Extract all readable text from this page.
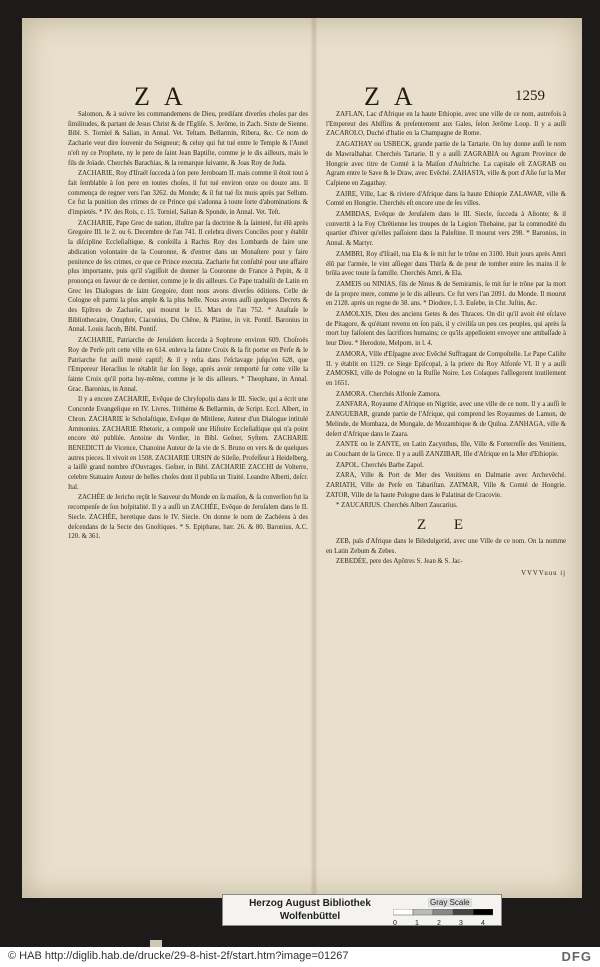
ZA	ZA	1259

Salomon, & à suivre les commandemens de Dieu, prediſant diverſes choſes par des ſimilitudes, & partant de Jesus Christ & de l'Egliſe. S. Jerôme, in Zach. Sixte de Sienne. Bibl. S. Torniel & Salian, in Annal. Vet. Teſtam. Bellarmin, Ribera, &c. Ce nom de Zacharie veut dire ſouvenir du Seigneur; & celuy qui fut tué entre le Temple & l'Autel n'eſt ny ce Prophete, ny le pere de ſaint Jean Baptiſte, comme je le dis ailleurs, mais le fils de Joïade. Cherchés Barachias, & la remarque ſuivante, & Joas Roy de Juda.

ZACHARIE, Roy d'Iſraël ſucceda à ſon pere Jeroboam II. mais comme il étoit tout à fait ſemblable à ſon pere en toutes choſes, il fut tué environ onze ou douze ans. Il commença de regner vers l'an 3262. du Monde; & il fut tué ſix mois après par Sellum. Ce fut la punition des crimes de ce Prince qui s'adonna à toute ſorte d'abominations & d'impietés. * IV. des Rois, c. 15. Torniel, Salian & Sponde, in Annal. Vet. Teſt.

ZACHARIE, Pape Grec de nation, illuſtre par ſa doctrine & ſa ſainteté, fut élû après Gregoire III. le 2. ou 6. Decembre de l'an 741. Il celebra divers Conciles pour y établir la diſcipline Eccleſiaſtique, & conſeilla à Rachis Roy des Lombards de faire une abdication volontaire de la Couronne, & d'entrer dans un Monaſtere pour y faire penitence de ſes crimes, ce que ce Prince executa. Zacharie fut conſulté pour une affaire plus importante, puis qu'il s'agiſſoit de donner la Couronne de France à Pepin, & il prononça en faveur de ce dernier, comme je le dis ailleurs. Ce Pape traduiſit de Latin en Grec les Dialogues de ſaint Gregoire, dont nous avons diverſes éditions. Celle de Cologne eſt parmi la plus ample & la plus belle. Nous avons auſſi quelques Decrets & des Epîtres de Zacharie, qui mourut le 15. Mars de l'an 752. * Anaſtaſe le Bibliothecaire, Onuphre, Ciaconius, Du Chêne, & Platine, in vit. Pontif. Baronius in Annal. Louis Jacob, Bibl. Pontif.

ZACHARIE, Patriarche de Jeruſalem ſucceda à Sophrone environ 609. Choſroës Roy de Perſe prit cette ville en 614. enleva la ſainte Croix & la fit porter en Perſe & le Patriarche fut auſſi mené captif; & il y reſta dans l'eſclavage juſqu'en 628, que l'Empereur Heraclius le rétablit ſur ſon ſiege, après avoir remporté ſur cette ville la ſainte Croix qu'il porta luy-même, comme je le dis ailleurs. * Theophane, in Annal. Grac. Baronius, in Annal.

Il y a encore ZACHARIE, Evêque de Chryſopolis dans le III. Siecle, qui a écrit une Concorde Evangelique en IV. Livres. Trithème & Bellarmin, de Script. Eccl. Albert, in Chron. ZACHARIE le Scholaſtique, Evêque de Mitilene, Auteur d'un Dialogue intitulé Ammonius. ZACHARIE Rhetoric, a compoſé une Hiſtoire Eccleſiaſtique qui n'a point encore été publiée. Antoine du Verdier, in Bibl. Geſner, Syſtem. ZACHARIE BENEDICTI de Vicence, Chanoine Auteur de la vie de S. Bruno en vers & de quelques autres pieces. Il vivoit en 1508. ZACHARIE URSIN de Sileſie, Profeſſeur à Heidelberg, a laiſſé grand nombre d'Ouvrages. Geſner, in Bibl. ZACHARIE ZACCHI de Volterre, celebre Statuaire Auteur de belles choſes dont il publia un Traité. Leandre Alberti, deſcr. Ital.

ZACHÉE de Jericho reçût le Sauveur du Monde en ſa maiſon, & ſa converſion fut la recompenſe de ſon hoſpitalité. Il y a auſſi un ZACHÉE, Evêque de Jeruſalem dans le II. Siecle. ZACHÉE, heretique dans le IV. Siecle. On donne le nom de Zachéens à des deſcendans de la Secte des Gnoſtiques. * S. Epiphane, hær. 26. & 80. Baronius, A.C. 120. & 361.

ZAFLAN, Lac d'Afrique en la haute Ethiopie, avec une ville de ce nom, autrefois à l'Empereur des Abiſſins & preſentement aux Gales, ſelon Jerôme Loop. Il y a auſſi ZACAROLO, Duché d'Italie en la Champagne de Rome.

ZAGATHAY ou USBECK, grande partie de la Tartarie. On luy donne auſſi le nom de Mawralhahar. Cherchés Tartarie. Il y a auſſi ZAGRABIA ou Agram Province de Hongrie avec titre de Comté à la Maiſon d'Auſtriche. La capitale eſt ZAGRAB ou Agram entre le Save & le Draw, avec Evêché. ZAHASTA, ville & port d'Aſie ſur la Mer Caſpiene en Zagathay.

ZAIRE, Ville, Lac & riviere d'Afrique dans la haute Ethiopie ZALAWAR, ville & Comté en Hongrie. Cherchés eſt encore une de ſes villes.

ZAMBDAS, Evêque de Jeruſalem dans le III. Siecle, ſucceda à Aſtonte; & il convertit à la Foy Chrêtienne les troupes de la Legion Thebaine, par la commodité du quartier d'hiver qu'elles paſſoient dans la Paleſtine. Il mourut vers 298. * Baronius, in Annal. & Martyr.

ZAMBRI, Roy d'Iſraël, tua Ela & ſe mit ſur le trône en 3100. Huit jours après Amri élû par l'armée, le vint aſſieger dans Thirſa & de peur de tomber entre ſes mains il ſe brûla avec toute ſa famille. Cherchés Amri, & Ela.

ZAMEIS ou NINIAS, fils de Ninus & de Semiramis, ſe mit ſur le trône par la mort de ſa propre mere, comme je le dis ailleurs. Ce fut vers l'an 2091. du Monde. Il mourut en 2128. après un regne de 38. ans. * Diodore, l. 3. Euſebe, in Chr. Juſtin, &c.

ZAMOLXIS, Dieu des anciens Getes & des Thraces. On dit qu'il avoit été eſclave de Pitagore, & qu'étant revenu en ſon païs, il y civiliſa un peu ces peuples, qui après ſa mort luy faiſoient des ſacrifices humains; ce qu'ils appelloient envoyer une ambaſſade à leur Dieu. * Herodote, Melpom. in l. 4.

ZAMORA, Ville d'Eſpagne avec Evêché Suffragant de Compoſtelle. Le Pape Caliſte II. y établit en 1129. ce Siege Epiſcopal, à la priere du Roy Alfonſe VI. Il y a auſſi ZAMOSKI, ville de Pologne en la Ruſſie Noire. Les Coſaques l'aſſiegerent inutilement en 1651.

ZAMORA. Cherchés Alfonſe Zamora.

ZANFARA, Royaume d'Afrique en Nigritie, avec une ville de ce nom. Il y a auſſi le ZANGUEBAR, grande partie de l'Afrique, qui comprend les Royaumes de Lamon, de Melinde, de Mombaza, de Mongale, de Mozambique & de Quiloa. ZANHAGA, ville & deſert d'Afrique dans le Zaara.

ZANTE ou le ZANTE, en Latin Zacynthus, Iſle, Ville & Forterreſſe des Venitiens, au Couchant de la Grece. Il y a auſſi ZANZIBAR, Iſle d'Afrique en la Mer d'Ethiopie.

ZAPOL. Cherchés Barbe Zapol.

ZARA, Ville & Port de Mer des Venitiens en Dalmatie avec Archevêché. ZARIATH, Ville de Perſe en Tabariſtan. ZATMAR, Ville & Comté de Hongrie. ZATOR, Ville de la haute Pologne dans le Palatinat de Cracovie.

* ZAUCARIUS. Cherchés Albert Zaucarius.

Z E

ZEB, païs d'Afrique dans le Biledulgerid, avec une Ville de ce nom. On la nomme en Latin Zebum & Zebes.

ZEBEDÉE, pere des Apôtres S. Jean & S. Jac-

VVVVuuu ij
Herzog August Bibliothek
Wolfenbüttel
Gray Scale
0	1	2	3	4
© HAB http://diglib.hab.de/drucke/29-8-hist-2f/start.htm?image=01267	DFG
